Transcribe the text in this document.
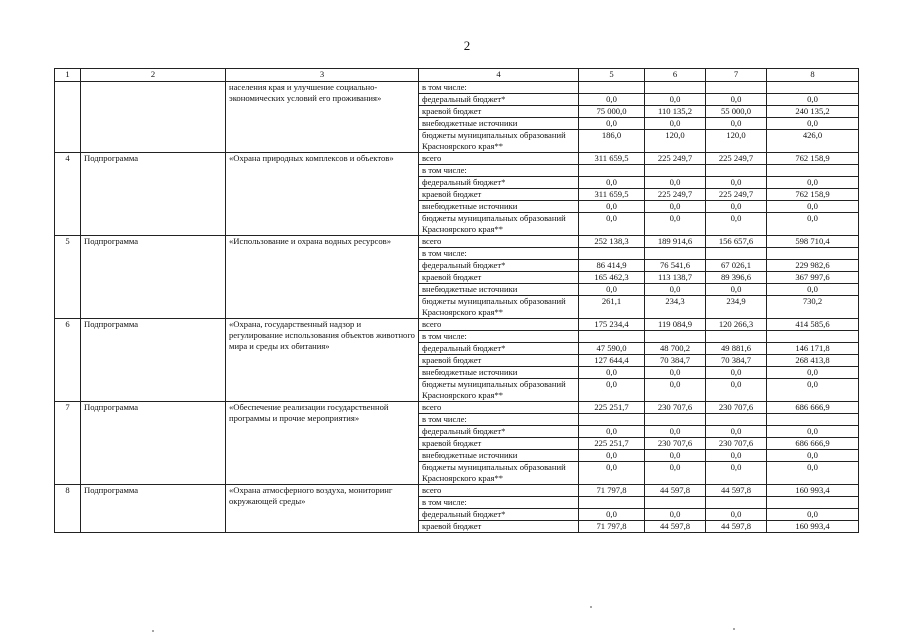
2
1	2	3	4	5	6	7	8
		населения края и улучшение социально-экономических условий его проживания»	в том числе:				
			федеральный бюджет*	0,0	0,0	0,0	0,0
			краевой бюджет	75 000,0	110 135,2	55 000,0	240 135,2
			внебюджетные источники	0,0	0,0	0,0	0,0
			бюджеты муниципальных образований Красноярского края**	186,0	120,0	120,0	426,0
4	Подпрограмма	«Охрана природных комплексов и объектов»	всего	311 659,5	225 249,7	225 249,7	762 158,9
			в том числе:				
			федеральный бюджет*	0,0	0,0	0,0	0,0
			краевой бюджет	311 659,5	225 249,7	225 249,7	762 158,9
			внебюджетные источники	0,0	0,0	0,0	0,0
			бюджеты муниципальных образований Красноярского края**	0,0	0,0	0,0	0,0
5	Подпрограмма	«Использование и охрана водных ресурсов»	всего	252 138,3	189 914,6	156 657,6	598 710,4
			в том числе:				
			федеральный бюджет*	86 414,9	76 541,6	67 026,1	229 982,6
			краевой бюджет	165 462,3	113 138,7	89 396,6	367 997,6
			внебюджетные источники	0,0	0,0	0,0	0,0
			бюджеты муниципальных образований Красноярского края**	261,1	234,3	234,9	730,2
6	Подпрограмма	«Охрана, государственный надзор и регулирование использования объектов животного мира и среды их обитания»	всего	175 234,4	119 084,9	120 266,3	414 585,6
			в том числе:				
			федеральный бюджет*	47 590,0	48 700,2	49 881,6	146 171,8
			краевой бюджет	127 644,4	70 384,7	70 384,7	268 413,8
			внебюджетные источники	0,0	0,0	0,0	0,0
			бюджеты муниципальных образований Красноярского края**	0,0	0,0	0,0	0,0
7	Подпрограмма	«Обеспечение реализации государственной программы и прочие мероприятия»	всего	225 251,7	230 707,6	230 707,6	686 666,9
			в том числе:				
			федеральный бюджет*	0,0	0,0	0,0	0,0
			краевой бюджет	225 251,7	230 707,6	230 707,6	686 666,9
			внебюджетные источники	0,0	0,0	0,0	0,0
			бюджеты муниципальных образований Красноярского края**	0,0	0,0	0,0	0,0
8	Подпрограмма	«Охрана атмосферного воздуха, мониторинг окружающей среды»	всего	71 797,8	44 597,8	44 597,8	160 993,4
			в том числе:				
			федеральный бюджет*	0,0	0,0	0,0	0,0
			краевой бюджет	71 797,8	44 597,8	44 597,8	160 993,4
